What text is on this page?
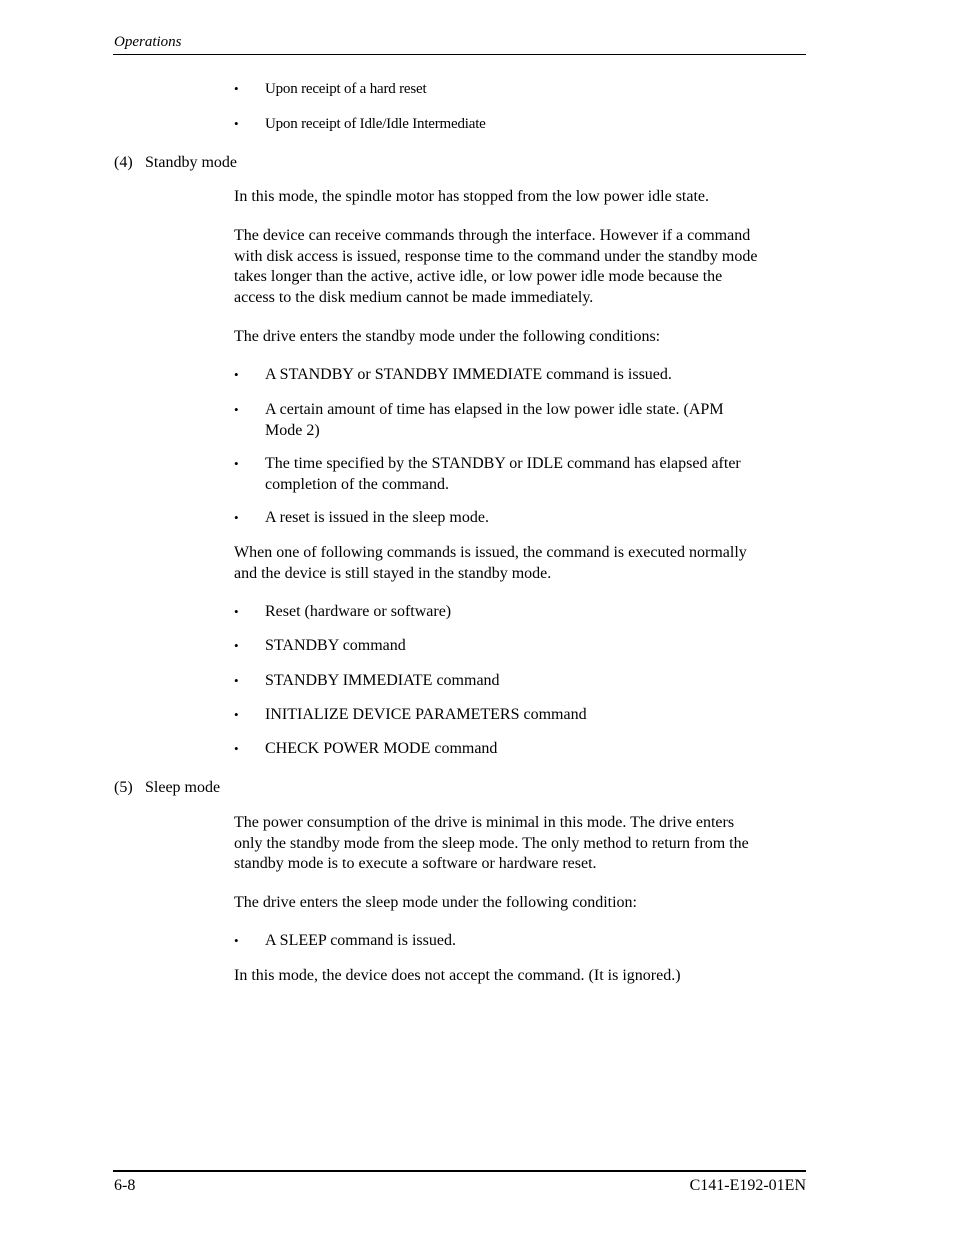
Operations
• Upon receipt of a hard reset
• Upon receipt of Idle/Idle Intermediate
(4) Standby mode
In this mode, the spindle motor has stopped from the low power idle state.
The device can receive commands through the interface. However if a command
with disk access is issued, response time to the command under the standby mode
takes longer than the active, active idle, or low power idle mode because the
access to the disk medium cannot be made immediately.
The drive enters the standby mode under the following conditions:
• A STANDBY or STANDBY IMMEDIATE command is issued.
• A certain amount of time has elapsed in the low power idle state. (APM
Mode 2)
• The time specified by the STANDBY or IDLE command has elapsed after
completion of the command.
• A reset is issued in the sleep mode.
When one of following commands is issued, the command is executed normally
and the device is still stayed in the standby mode.
• Reset (hardware or software)
• STANDBY command
• STANDBY IMMEDIATE command
• INITIALIZE DEVICE PARAMETERS command
• CHECK POWER MODE command
(5) Sleep mode
The power consumption of the drive is minimal in this mode. The drive enters
only the standby mode from the sleep mode. The only method to return from the
standby mode is to execute a software or hardware reset.
The drive enters the sleep mode under the following condition:
• A SLEEP command is issued.
In this mode, the device does not accept the command. (It is ignored.)
6-8	C141-E192-01EN
